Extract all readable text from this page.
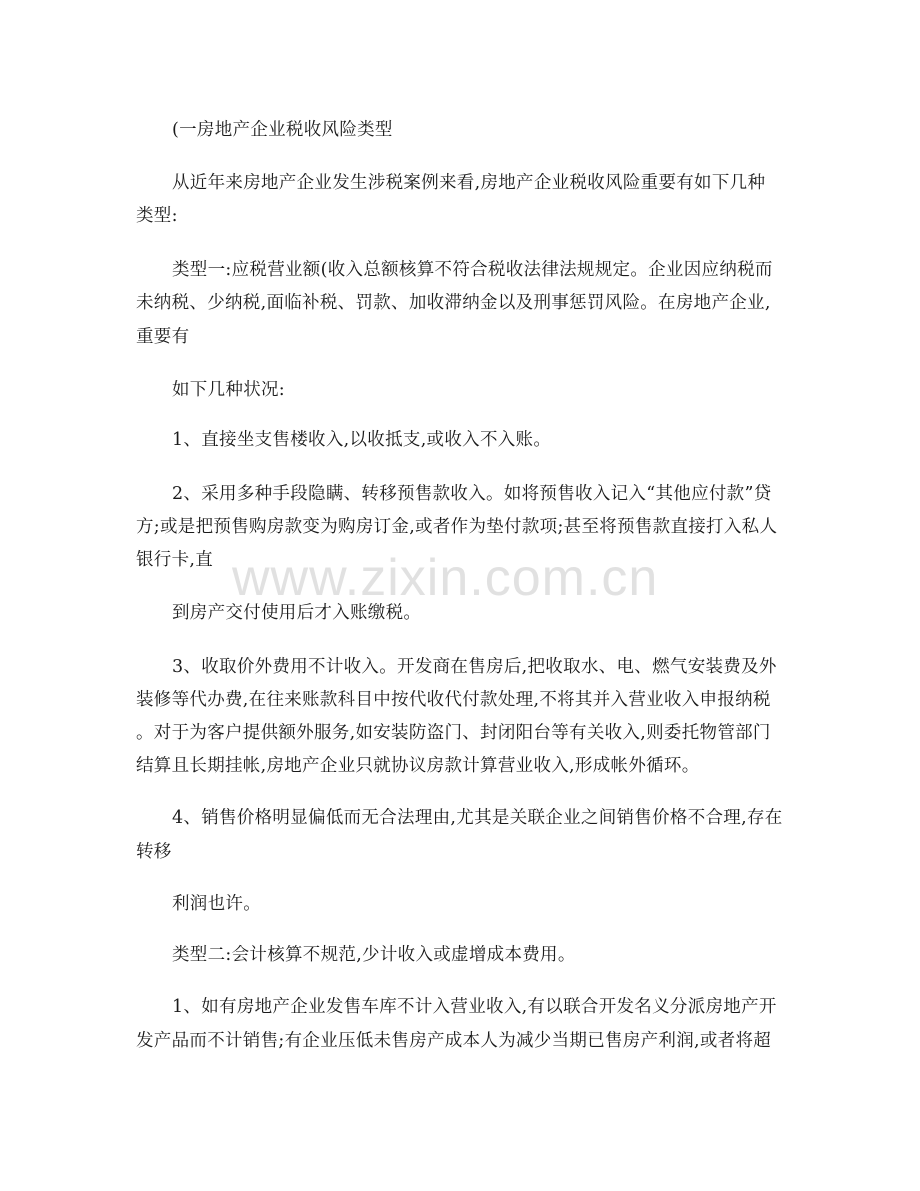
www.zixin.com.cn
(一房地产企业税收风险类型
从近年来房地产企业发生涉税案例来看,房地产企业税收风险重要有如下几种
类型:
类型一:应税营业额(收入总额核算不符合税收法律法规规定。企业因应纳税而
未纳税、少纳税,面临补税、罚款、加收滞纳金以及刑事惩罚风险。在房地产企业,
重要有
如下几种状况:
1、直接坐支售楼收入,以收抵支,或收入不入账。
2、采用多种手段隐瞒、转移预售款收入。如将预售收入记入“其他应付款”贷
方;或是把预售购房款变为购房订金,或者作为垫付款项;甚至将预售款直接打入私人
银行卡,直
到房产交付使用后才入账缴税。
3、收取价外费用不计收入。开发商在售房后,把收取水、电、燃气安装费及外
装修等代办费,在往来账款科目中按代收代付款处理,不将其并入营业收入申报纳税
。对于为客户提供额外服务,如安装防盗门、封闭阳台等有关收入,则委托物管部门
结算且长期挂帐,房地产企业只就协议房款计算营业收入,形成帐外循环。
4、销售价格明显偏低而无合法理由,尤其是关联企业之间销售价格不合理,存在
转移
利润也许。
类型二:会计核算不规范,少计收入或虚增成本费用。
1、如有房地产企业发售车库不计入营业收入,有以联合开发名义分派房地产开
发产品而不计销售;有企业压低未售房产成本人为减少当期已售房产利润,或者将超
